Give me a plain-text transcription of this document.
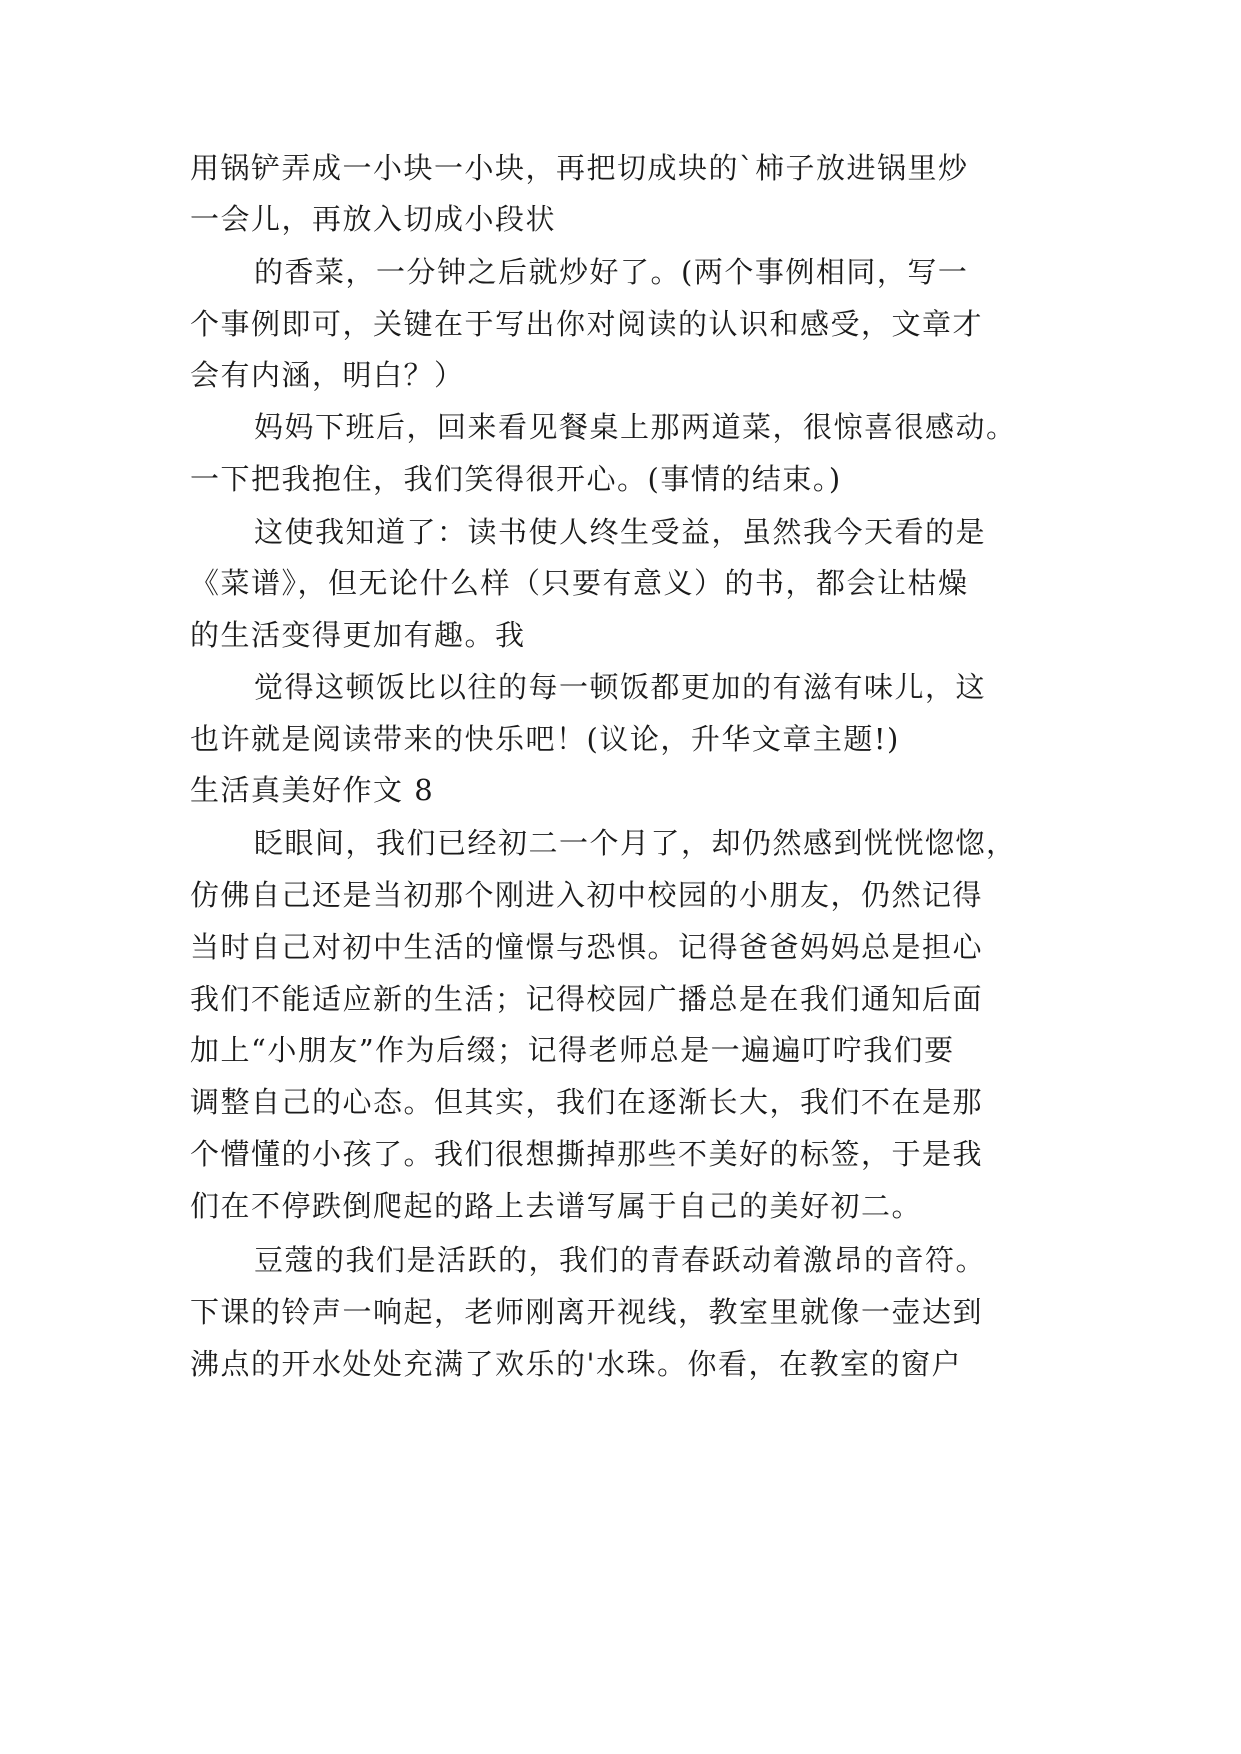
用锅铲弄成一小块一小块，再把切成块的`柿子放进锅里炒
一会儿，再放入切成小段状
的香菜，一分钟之后就炒好了。(两个事例相同，写一
个事例即可，关键在于写出你对阅读的认识和感受，文章才
会有内涵，明白？）
妈妈下班后，回来看见餐桌上那两道菜，很惊喜很感动。
一下把我抱住，我们笑得很开心。(事情的结束。)
这使我知道了：读书使人终生受益，虽然我今天看的是
《菜谱》，但无论什么样（只要有意义）的书，都会让枯燥
的生活变得更加有趣。我
觉得这顿饭比以往的每一顿饭都更加的有滋有味儿，这
也许就是阅读带来的快乐吧！(议论，升华文章主题!)
生活真美好作文 8
眨眼间，我们已经初二一个月了，却仍然感到恍恍惚惚，
仿佛自己还是当初那个刚进入初中校园的小朋友，仍然记得
当时自己对初中生活的憧憬与恐惧。记得爸爸妈妈总是担心
我们不能适应新的生活；记得校园广播总是在我们通知后面
加上“小朋友”作为后缀；记得老师总是一遍遍叮咛我们要
调整自己的心态。但其实，我们在逐渐长大，我们不在是那
个懵懂的小孩了。我们很想撕掉那些不美好的标签，于是我
们在不停跌倒爬起的路上去谱写属于自己的美好初二。
豆蔻的我们是活跃的，我们的青春跃动着激昂的音符。
下课的铃声一响起，老师刚离开视线，教室里就像一壶达到
沸点的开水处处充满了欢乐的'水珠。你看，在教室的窗户
